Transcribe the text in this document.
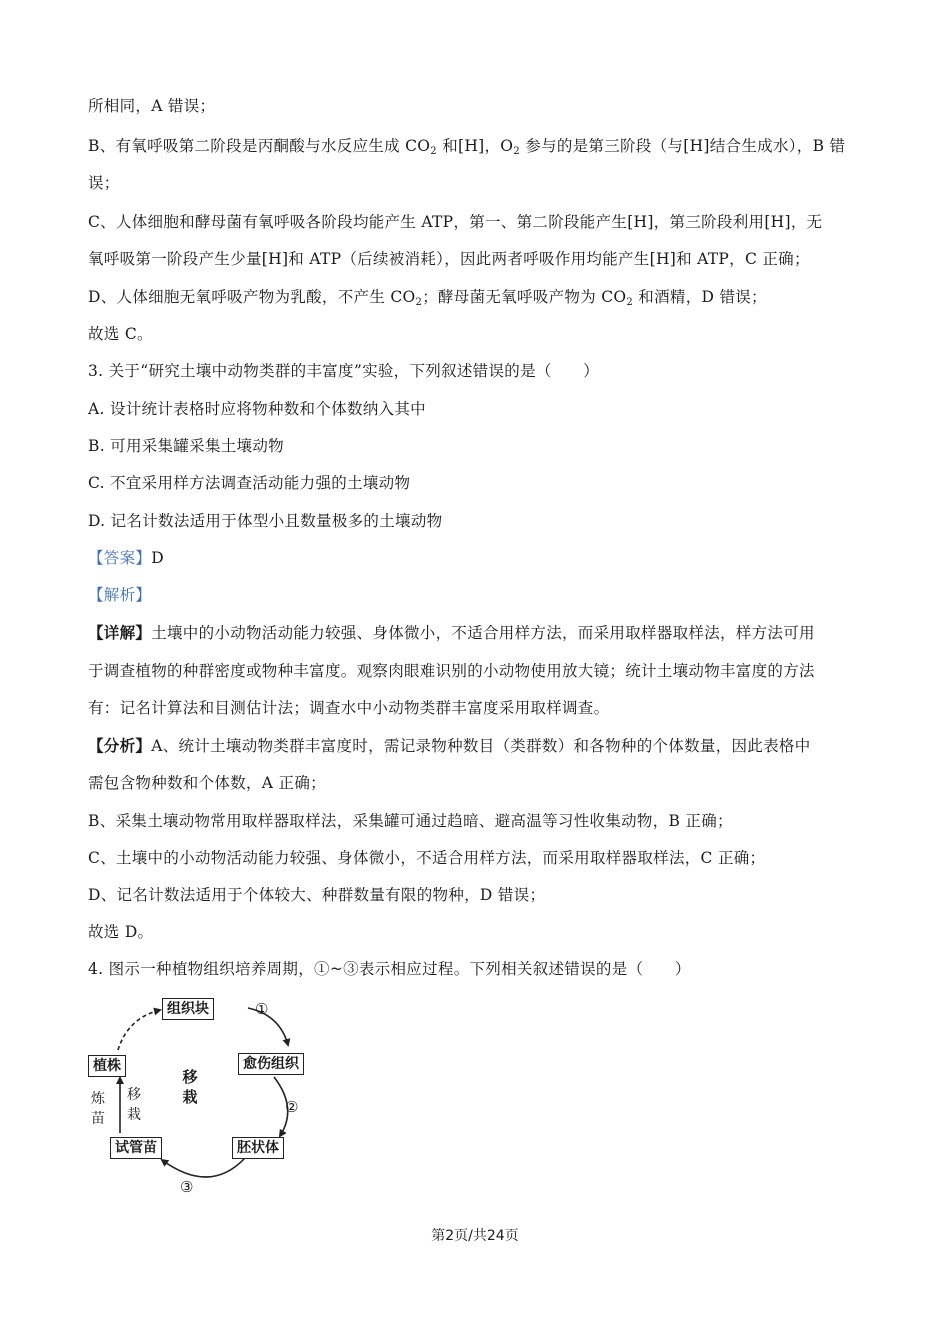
所相同，A 错误；
B、有氧呼吸第二阶段是丙酮酸与水反应生成 $CO_2$ 和[H]，$O_2$ 参与的是第三阶段（与[H]结合生成水），B 错
误；
C、人体细胞和酵母菌有氧呼吸各阶段均能产生 ATP，第一、第二阶段能产生[H]，第三阶段利用[H]，无
氧呼吸第一阶段产生少量[H]和 ATP（后续被消耗），因此两者呼吸作用均能产生[H]和 ATP，C 正确；
D、人体细胞无氧呼吸产物为乳酸，不产生 $CO_2$；酵母菌无氧呼吸产物为 $CO_2$ 和酒精，D 错误；
故选 C。
3. 关于“研究土壤中动物类群的丰富度”实验，下列叙述错误的是（　　）
A. 设计统计表格时应将物种数和个体数纳入其中
B. 可用采集罐采集土壤动物
C. 不宜采用样方法调查活动能力强的土壤动物
D. 记名计数法适用于体型小且数量极多的土壤动物
【答案】D
【解析】
【详解】土壤中的小动物活动能力较强、身体微小，不适合用样方法，而采用取样器取样法，样方法可用
于调查植物的种群密度或物种丰富度。观察肉眼难识别的小动物使用放大镜；统计土壤动物丰富度的方法
有：记名计算法和目测估计法；调查水中小动物类群丰富度采用取样调查。
【分析】A、统计土壤动物类群丰富度时，需记录物种数目（类群数）和各物种的个体数量，因此表格中
需包含物种数和个体数，A 正确；
B、采集土壤动物常用取样器取样法，采集罐可通过趋暗、避高温等习性收集动物，B 正确；
C、土壤中的小动物活动能力较强、身体微小，不适合用样方法，而采用取样器取样法，C 正确；
D、记名计数法适用于个体较大、种群数量有限的物种，D 错误；
故选 D。
4. 图示一种植物组织培养周期，①~③表示相应过程。下列相关叙述错误的是（　　）
组织块
愈伤组织
胚状体
试管苗
植株
①
②
③
移
栽
炼
苗
移
栽
第2页/共24页
